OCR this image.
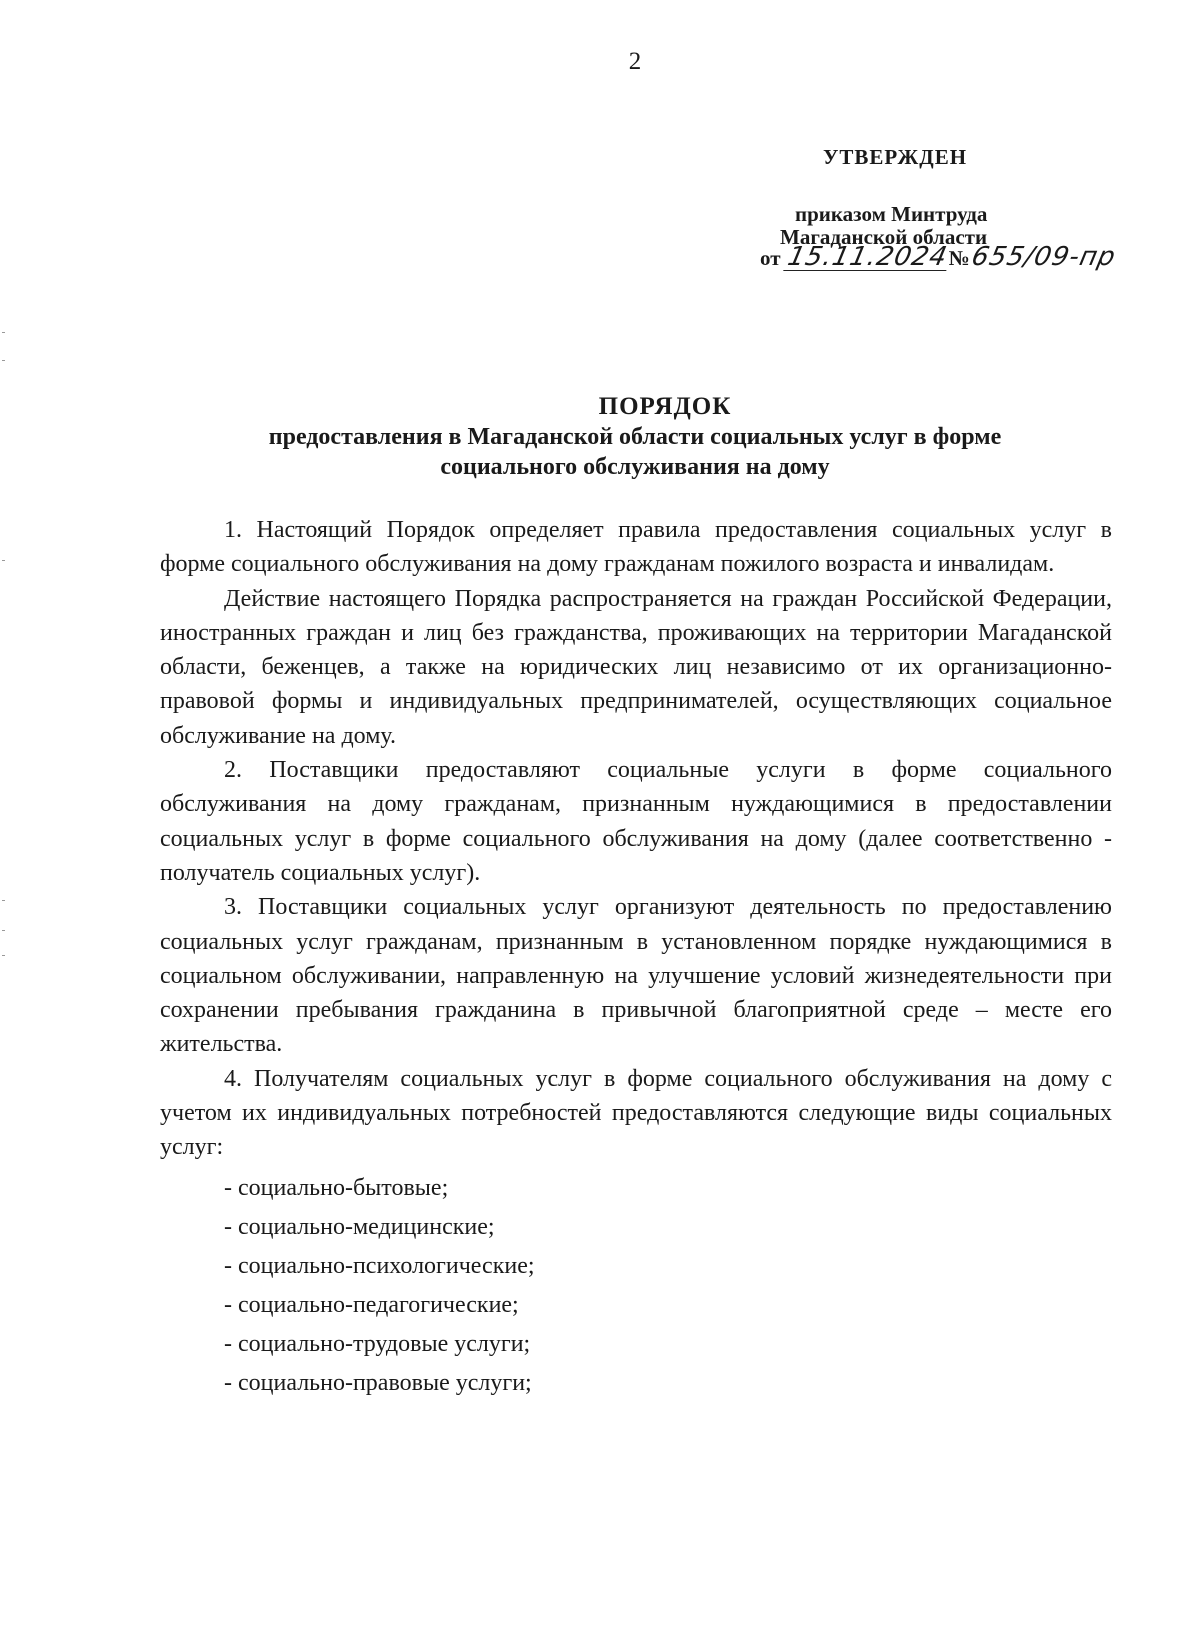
2
УТВЕРЖДЕН
приказом Минтруда
Магаданской области
от 15.11.2024№655/09-пр
ПОРЯДОК
предоставления в Магаданской области социальных услуг в форме
социального обслуживания на дому

1. Настоящий Порядок определяет правила предоставления социальных услуг в форме социального обслуживания на дому гражданам пожилого возраста и инвалидам.

Действие настоящего Порядка распространяется на граждан Российской Федерации, иностранных граждан и лиц без гражданства, проживающих на территории Магаданской области, беженцев, а также на юридических лиц независимо от их организационно-правовой формы и индивидуальных предпринимателей, осуществляющих социальное обслуживание на дому.

2. Поставщики предоставляют социальные услуги в форме социального обслуживания на дому гражданам, признанным нуждающимися в предоставлении социальных услуг в форме социального обслуживания на дому (далее соответственно - получатель социальных услуг).

3. Поставщики социальных услуг организуют деятельность по предоставлению социальных услуг гражданам, признанным в установленном порядке нуждающимися в социальном обслуживании, направленную на улучшение условий жизнедеятельности при сохранении пребывания гражданина в привычной благоприятной среде – месте его жительства.

4. Получателям социальных услуг в форме социального обслуживания на дому с учетом их индивидуальных потребностей предоставляются следующие виды социальных услуг:

- социально-бытовые;
- социально-медицинские;
- социально-психологические;
- социально-педагогические;
- социально-трудовые услуги;
- социально-правовые услуги;
